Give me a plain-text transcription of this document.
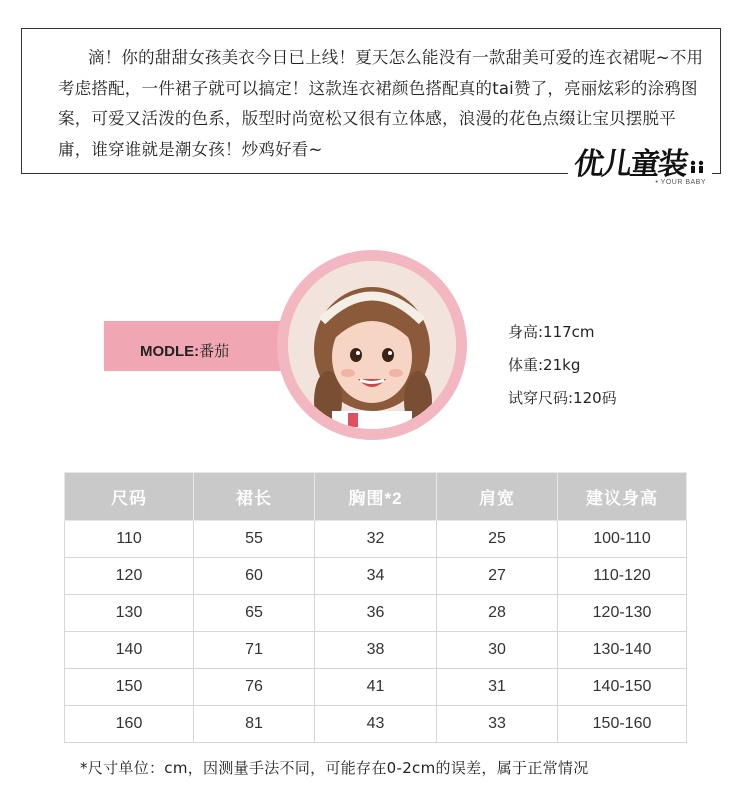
滴！你的甜甜女孩美衣今日已上线！夏天怎么能没有一款甜美可爱的连衣裙呢~不用考虑搭配，一件裙子就可以搞定！这款连衣裙颜色搭配真的tai赞了，亮丽炫彩的涂鸦图案，可爱又活泼的色系，版型时尚宽松又很有立体感，浪漫的花色点缀让宝贝摆脱平庸，谁穿谁就是潮女孩！炒鸡好看~	优儿童装
• YOUR BABY
MODLE:番茄
身高:117cm
体重:21kg
试穿尺码:120码
尺码	裙长	胸围*2	肩宽	建议身高
110	55	32	25	100-110
120	60	34	27	110-120
130	65	36	28	120-130
140	71	38	30	130-140
150	76	41	31	140-150
160	81	43	33	150-160
*尺寸单位：cm，因测量手法不同，可能存在0-2cm的误差，属于正常情况
